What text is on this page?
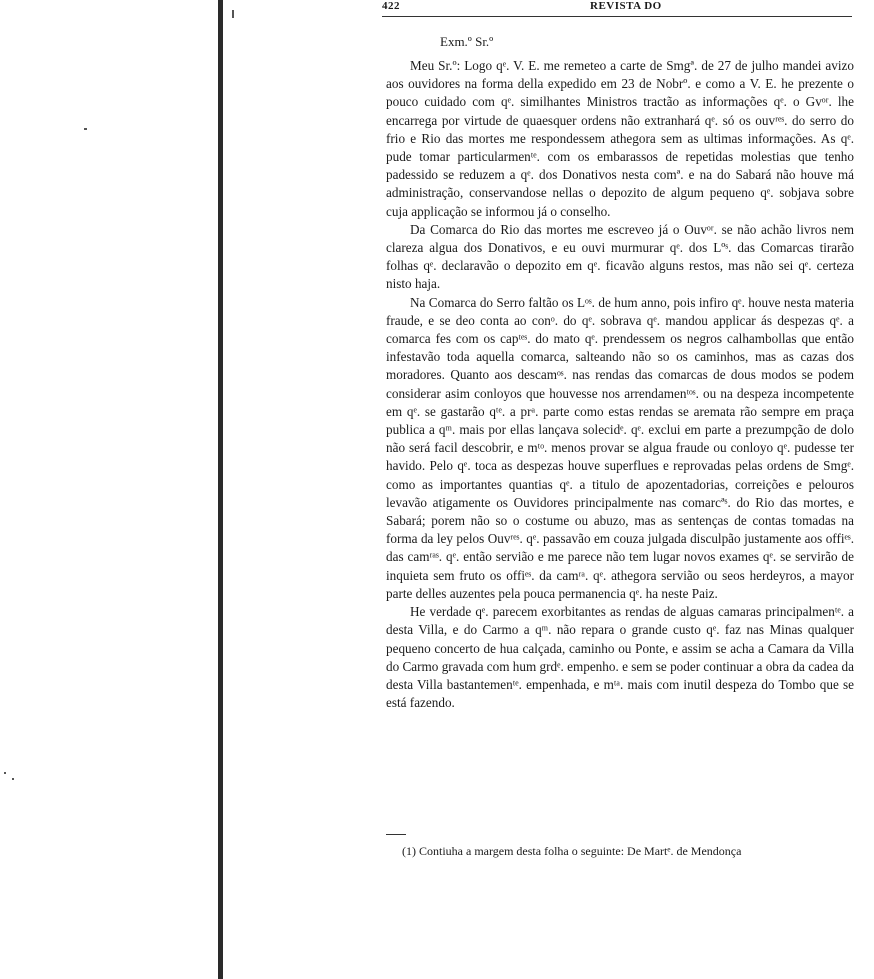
422	REVISTA DO
Exm.º Sr.º

Meu Sr.º: Logo qᵉ. V. E. me remeteo a carte de Smgª. de 27 de julho mandei avizo aos ouvidores na forma della expedido em 23 de Nobrº. e como a V. E. he prezente o pouco cuidado com qᵉ. similhantes Ministros tractão as informações qᵉ. o Gvᵒʳ. lhe encarrega por virtude de quaesquer ordens não extranhará qᵉ. só os ouvʳᵉˢ. do serro do frio e Rio das mortes me respondessem athegora sem as ultimas informações. As qᵉ. pude tomar particularmenᵗᵉ. com os embarassos de repetidas molestias que tenho padessido se reduzem a qᵉ. dos Donativos nesta comª. e na do Sabará não houve má administração, conservandose nellas o depozito de algum pequeno qᵉ. sobjava sobre cuja applicação se informou já o conselho.

Da Comarca do Rio das mortes me escreveo já o Ouvᵒʳ. se não achão livros nem clareza algua dos Donativos, e eu ouvi murmurar qᵉ. dos Lºˢ. das Comarcas tirarão folhas qᵉ. declaravão o depozito em qᵉ. ficavão alguns restos, mas não sei qᵉ. certeza nisto haja.

Na Comarca do Serro faltão os Lᵒˢ. de hum anno, pois infiro qᵉ. houve nesta materia fraude, e se deo conta ao conᵒ. do qᵉ. sobrava qᵉ. mandou applicar ás despezas qᵉ. a comarca fes com os capᵗᵉˢ. do mato qᵉ. prendessem os negros calhambollas que então infestavão toda aquella comarca, salteando não so os caminhos, mas as cazas dos moradores. Quanto aos descamᵒˢ. nas rendas das comarcas de dous modos se podem considerar asim conloyos que houvesse nos arrendamenᵗᵒˢ. ou na despeza incompetente em qᵉ. se gastarão qᵗᵉ. a prᵃ. parte como estas rendas se aremata rão sempre em praça publica a qᵐ. mais por ellas lançava solecidᵉ. qᵉ. exclui em parte a prezumpção de dolo não será facil descobrir, e mᵗᵒ. menos provar se algua fraude ou conloyo qᵉ. pudesse ter havido. Pelo qᵉ. toca as despezas houve superflues e reprovadas pelas ordens de Smgᵉ. como as importantes quantias qᵉ. a titulo de apozentadorias, correições e pelouros levavão atigamente os Ouvidores principalmente nas comarcªˢ. do Rio das mortes, e Sabará; porem não so o costume ou abuzo, mas as sentenças de contas tomadas na forma da ley pelos Ouvʳᵉˢ. qᵉ. passavão em couza julgada disculpão justamente aos offiᵉˢ. das camʳᵃˢ. qᵉ. então servião e me parece não tem lugar novos exames qᵉ. se servirão de inquieta sem fruto os offiᵉˢ. da camʳᵃ. qᵉ. athegora servião ou seos herdeyros, a mayor parte delles auzentes pela pouca permanencia qᵉ. ha neste Paiz.

He verdade qᵉ. parecem exorbitantes as rendas de alguas camaras principalmenᵗᵉ. a desta Villa, e do Carmo a qᵐ. não repara o grande custo qᵉ. faz nas Minas qualquer pequeno concerto de hua calçada, caminho ou Ponte, e assim se acha a Camara da Villa do Carmo gravada com hum grdᵉ. empenho. e sem se poder continuar a obra da cadea da desta Villa bastantemenᵗᵉ. empenhada, e mᵗᵃ. mais com inutil despeza do Tombo que se está fazendo.

(1) Contiuha a margem desta folha o seguinte: De Martᵉ. de Mendonça
